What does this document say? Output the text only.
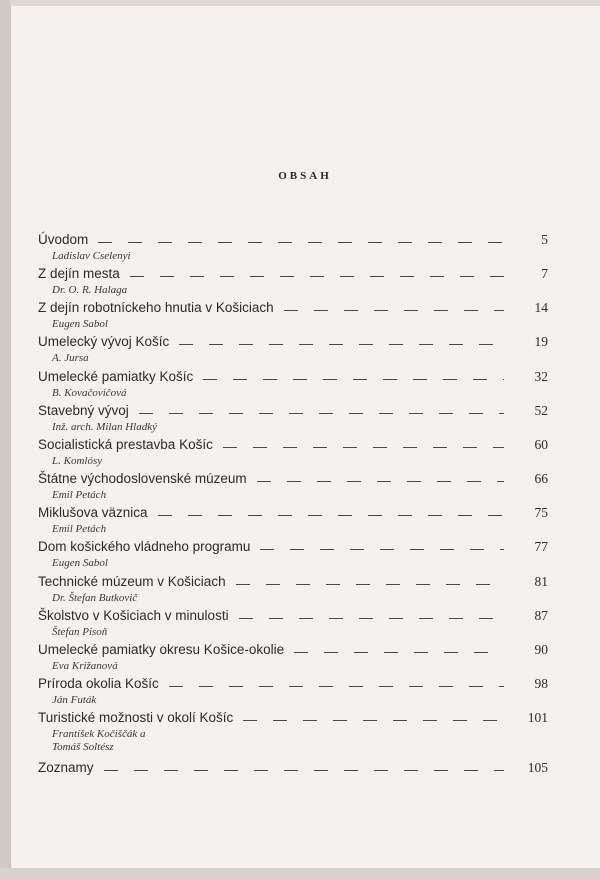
OBSAH
Úvodom	5
Ladislav Cselenyi
Z dejín mesta	7
Dr. O. R. Halaga
Z dejín robotníckeho hnutia v Košiciach	14
Eugen Sabol
Umelecký vývoj Košíc	19
A. Jursa
Umelecké pamiatky Košíc	32
B. Kovačovičová
Stavebný vývoj	52
Inž. arch. Milan Hladký
Socialistická prestavba Košíc	60
L. Komlósy
Štátne východoslovenské múzeum	66
Emil Petách
Miklušova väznica	75
Emil Petách
Dom košického vládneho programu	77
Eugen Sabol
Technické múzeum v Košiciach	81
Dr. Štefan Butkovič
Školstvo v Košiciach v minulosti	87
Štefan Pisoň
Umelecké pamiatky okresu Košice-okolie	90
Eva Križanová
Príroda okolia Košíc	98
Ján Futák
Turistické možnosti v okolí Košíc	101
František Kočiščák a
Tomáš Soltész
Zoznamy	105
